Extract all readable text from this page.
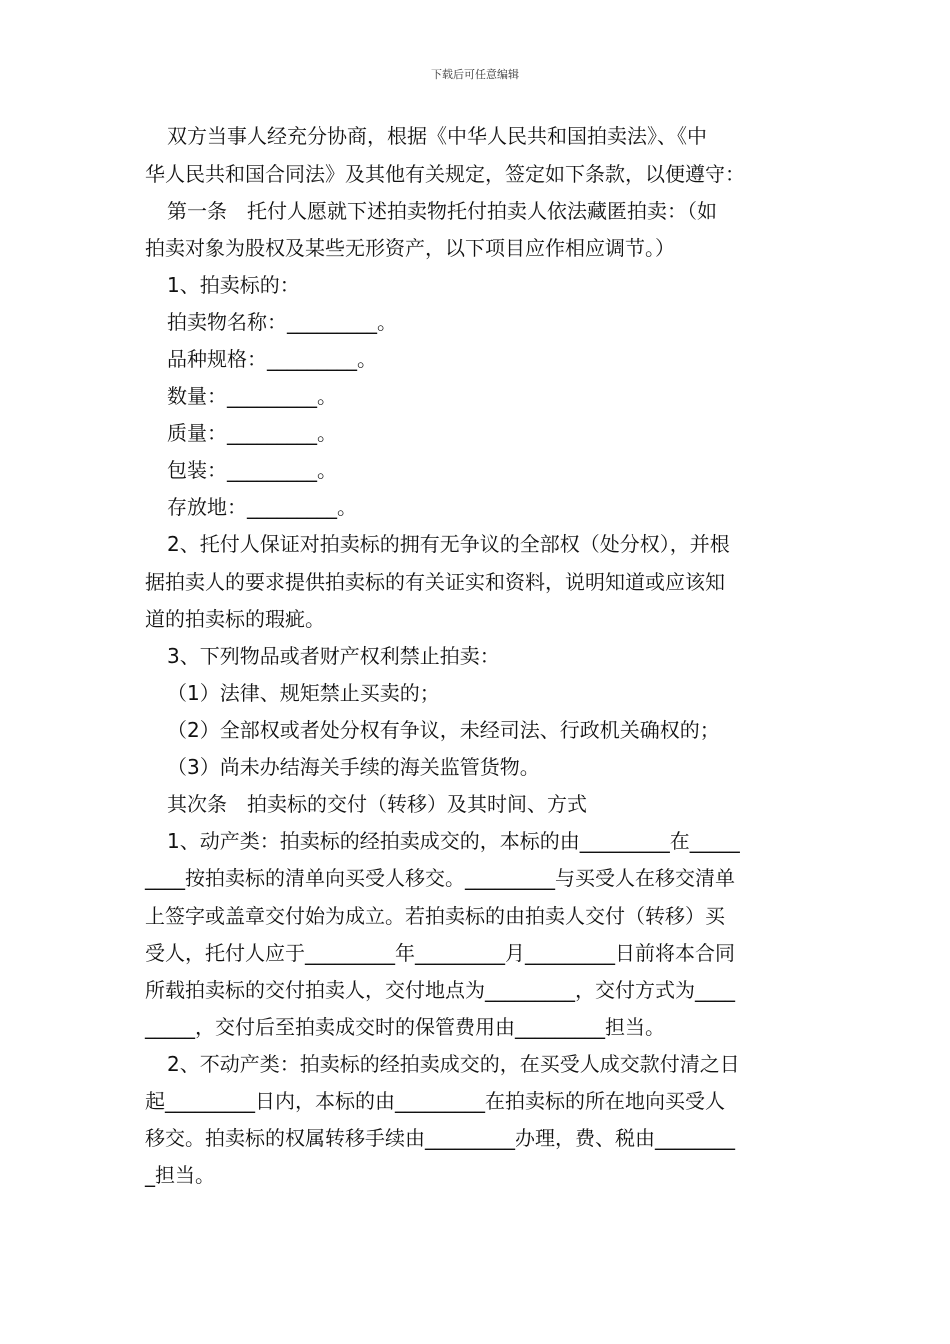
下载后可任意编辑
双方当事人经充分协商，根据《中华人民共和国拍卖法》、《中
华人民共和国合同法》及其他有关规定，签定如下条款，以便遵守：
第一条　托付人愿就下述拍卖物托付拍卖人依法藏匿拍卖：（如
拍卖对象为股权及某些无形资产，以下项目应作相应调节。）
1、拍卖标的：
拍卖物名称：_________。
品种规格：_________。
数量：_________。
质量：_________。
包装：_________。
存放地：_________。
2、托付人保证对拍卖标的拥有无争议的全部权（处分权），并根
据拍卖人的要求提供拍卖标的有关证实和资料，说明知道或应该知
道的拍卖标的瑕疵。
3、下列物品或者财产权利禁止拍卖：
（1）法律、规矩禁止买卖的；
（2）全部权或者处分权有争议，未经司法、行政机关确权的；
（3）尚未办结海关手续的海关监管货物。
其次条　拍卖标的交付（转移）及其时间、方式
1、动产类：拍卖标的经拍卖成交的，本标的由_________在_____
____按拍卖标的清单向买受人移交。_________与买受人在移交清单
上签字或盖章交付始为成立。若拍卖标的由拍卖人交付（转移）买
受人，托付人应于_________年_________月_________日前将本合同
所载拍卖标的交付拍卖人，交付地点为_________，交付方式为____
_____，交付后至拍卖成交时的保管费用由_________担当。
2、不动产类：拍卖标的经拍卖成交的，在买受人成交款付清之日
起_________日内，本标的由_________在拍卖标的所在地向买受人
移交。拍卖标的权属转移手续由_________办理，费、税由________
_担当。
